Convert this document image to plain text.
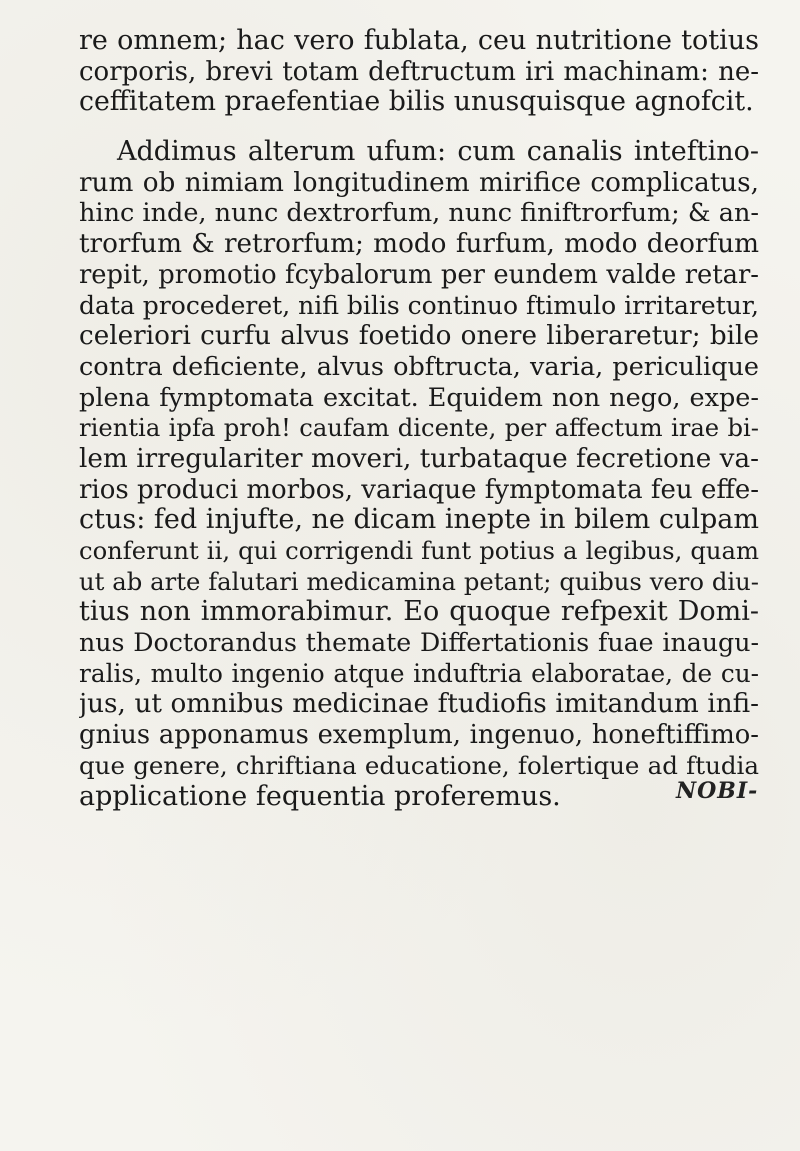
re omnem; hac vero fublata, ceu nutritione totius
corporis, brevi totam deftructum iri machinam: ne-
ceffitatem praefentiae bilis unusquisque agnofcit.
Addimus alterum ufum: cum canalis inteftino-
rum ob nimiam longitudinem mirifice complicatus,
hinc inde, nunc dextrorfum, nunc finiftrorfum; & an-
trorfum & retrorfum; modo furfum, modo deorfum
repit, promotio fcybalorum per eundem valde retar-
data procederet, nifi bilis continuo ftimulo irritaretur,
celeriori curfu alvus foetido onere liberaretur; bile
contra deficiente, alvus obftructa, varia, periculique
plena fymptomata excitat. Equidem non nego, expe-
rientia ipfa proh! caufam dicente, per affectum irae bi-
lem irregulariter moveri, turbataque fecretione va-
rios produci morbos, variaque fymptomata feu effe-
ctus: fed injufte, ne dicam inepte in bilem culpam
conferunt ii, qui corrigendi funt potius a legibus, quam
ut ab arte falutari medicamina petant; quibus vero diu-
tius non immorabimur. Eo quoque refpexit Domi-
nus Doctorandus themate Differtationis fuae inaugu-
ralis, multo ingenio atque induftria elaboratae, de cu-
jus, ut omnibus medicinae ftudiofis imitandum infi-
gnius apponamus exemplum, ingenuo, honeftiffimo-
que genere, chriftiana educatione, folertique ad ftudia
applicatione fequentia proferemus.	NOBI-
